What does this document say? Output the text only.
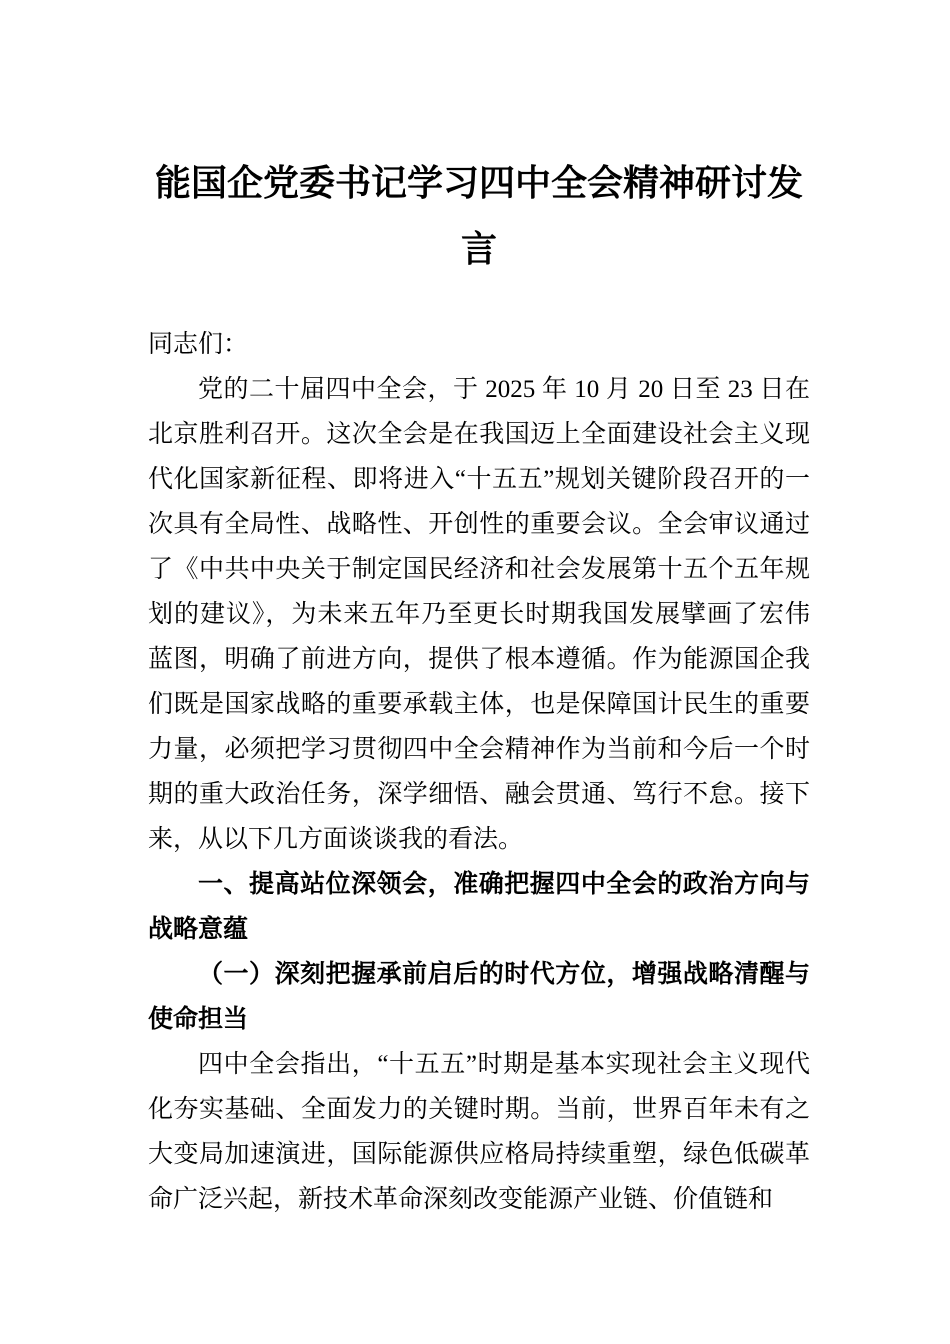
能国企党委书记学习四中全会精神研讨发言

同志们：

党的二十届四中全会，于 2025 年 10 月 20 日至 23 日在北京胜利召开。这次全会是在我国迈上全面建设社会主义现代化国家新征程、即将进入“十五五”规划关键阶段召开的一次具有全局性、战略性、开创性的重要会议。全会审议通过了《中共中央关于制定国民经济和社会发展第十五个五年规划的建议》，为未来五年乃至更长时期我国发展擘画了宏伟蓝图，明确了前进方向，提供了根本遵循。作为能源国企我们既是国家战略的重要承载主体，也是保障国计民生的重要力量，必须把学习贯彻四中全会精神作为当前和今后一个时期的重大政治任务，深学细悟、融会贯通、笃行不怠。接下来，从以下几方面谈谈我的看法。

一、提高站位深领会，准确把握四中全会的政治方向与战略意蕴

（一）深刻把握承前启后的时代方位，增强战略清醒与使命担当

四中全会指出，“十五五”时期是基本实现社会主义现代化夯实基础、全面发力的关键时期。当前，世界百年未有之大变局加速演进，国际能源供应格局持续重塑，绿色低碳革命广泛兴起，新技术革命深刻改变能源产业链、价值链和
